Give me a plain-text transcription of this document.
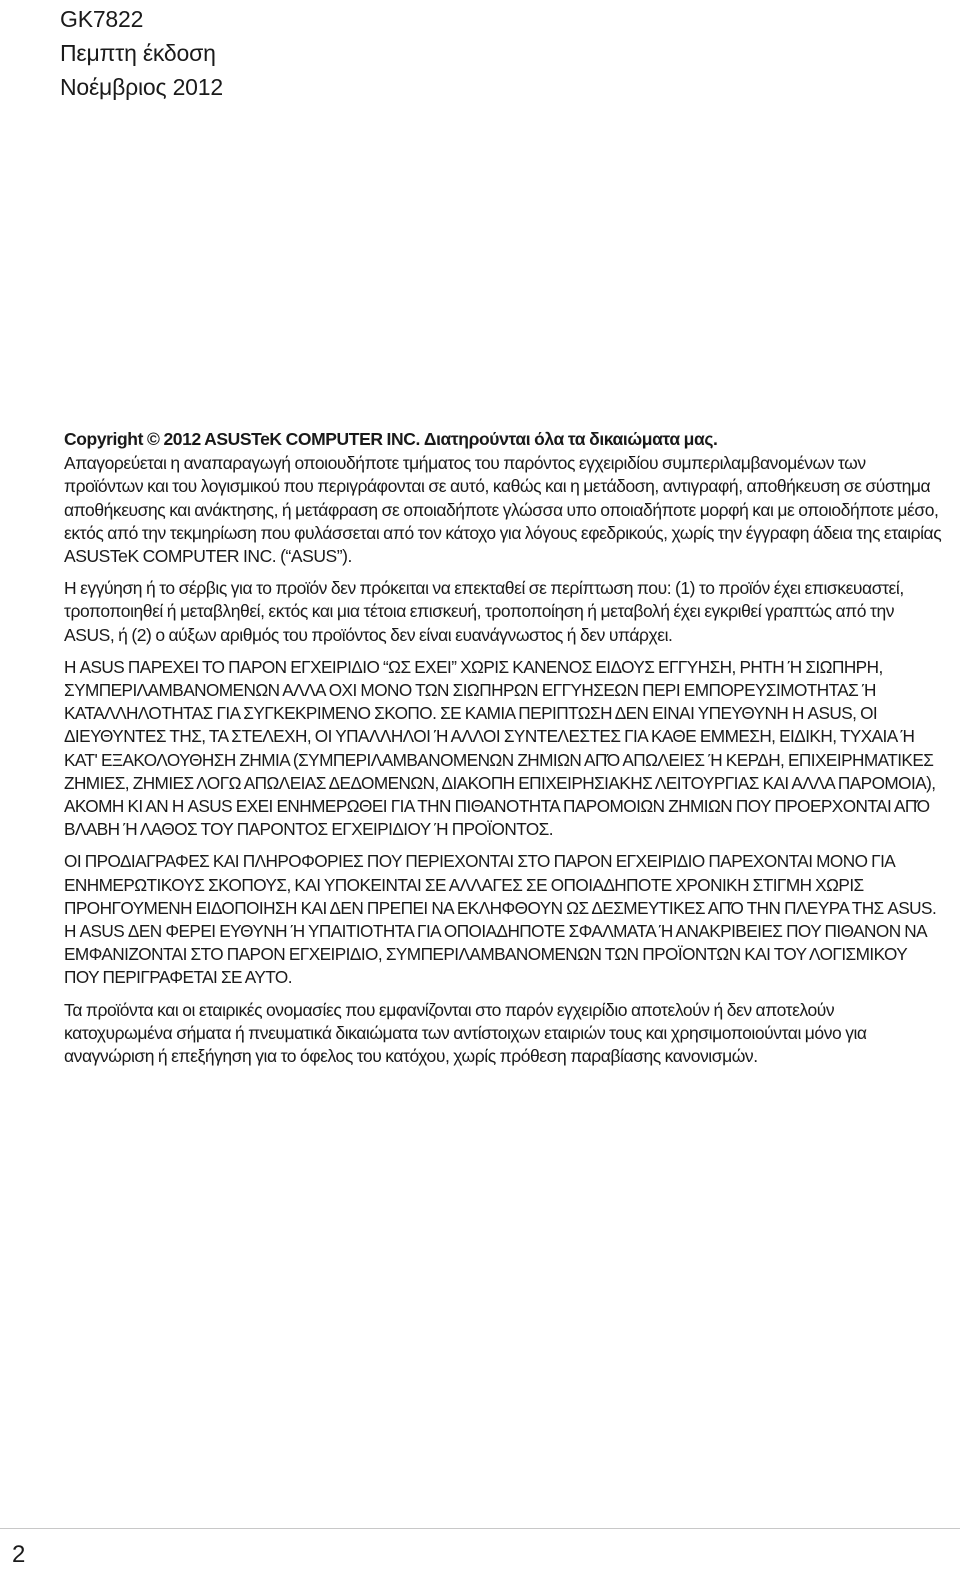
GK7822
Πεμπτη έκδοση
Νοέμβριος 2012
Copyright © 2012 ASUSTeK COMPUTER INC. Διατηρούνται όλα τα δικαιώματα μας.

Απαγορεύεται η αναπαραγωγή οποιουδήποτε τμήματος του παρόντος εγχειριδίου συμπεριλαμβανομένων των προϊόντων και του λογισμικού που περιγράφονται σε αυτό, καθώς και η μετάδοση, αντιγραφή, αποθήκευση σε σύστημα αποθήκευσης και ανάκτησης, ή μετάφραση σε οποιαδήποτε γλώσσα υπο οποιαδήποτε μορφή και με οποιοδήποτε μέσο, εκτός από την τεκμηρίωση που φυλάσσεται από τον κάτοχο για λόγους εφεδρικούς, χωρίς την έγγραφη άδεια της εταιρίας ASUSTeK COMPUTER INC. (“ASUS”).

Η εγγύηση ή το σέρβις για το προϊόν δεν πρόκειται να επεκταθεί σε περίπτωση που: (1) το προϊόν έχει επισκευαστεί, τροποποιηθεί ή μεταβληθεί, εκτός και μια τέτοια επισκευή, τροποποίηση ή μεταβολή έχει εγκριθεί γραπτώς από την ASUS, ή (2) ο αύξων αριθμός του προϊόντος δεν είναι ευανάγνωστος ή δεν υπάρχει.

Η ASUS ΠΑΡΕΧΕΙ ΤΟ ΠΑΡΟΝ ΕΓΧΕΙΡΙΔΙΟ “ΩΣ ΕΧΕΙ” ΧΩΡΙΣ ΚΑΝΕΝΟΣ ΕΙΔΟΥΣ ΕΓΓΥΗΣΗ, ΡΗΤΗ Ή ΣΙΩΠΗΡΗ, ΣΥΜΠΕΡΙΛΑΜΒΑΝΟΜΕΝΩΝ ΑΛΛΑ ΟΧΙ ΜΟΝΟ ΤΩΝ ΣΙΩΠΗΡΩΝ ΕΓΓΥΗΣΕΩΝ ΠΕΡΙ ΕΜΠΟΡΕΥΣΙΜΟΤΗΤΑΣ Ή ΚΑΤΑΛΛΗΛΟΤΗΤΑΣ ΓΙΑ ΣΥΓΚΕΚΡΙΜΕΝΟ ΣΚΟΠΟ. ΣΕ ΚΑΜΙΑ ΠΕΡΙΠΤΩΣΗ ΔΕΝ ΕΙΝΑΙ ΥΠΕΥΘΥΝΗ Η ASUS, ΟΙ ΔΙΕΥΘΥΝΤΕΣ ΤΗΣ, ΤΑ ΣΤΕΛΕΧΗ, ΟΙ ΥΠΑΛΛΗΛΟΙ Ή ΑΛΛΟΙ ΣΥΝΤΕΛΕΣΤΕΣ ΓΙΑ ΚΑΘΕ ΕΜΜΕΣΗ, ΕΙΔΙΚΗ, ΤΥΧΑΙΑ Ή ΚΑΤ' ΕΞΑΚΟΛΟΥΘΗΣΗ ΖΗΜΙΑ (ΣΥΜΠΕΡΙΛΑΜΒΑΝΟΜΕΝΩΝ ΖΗΜΙΩΝ ΑΠΌ ΑΠΩΛΕΙΕΣ Ή ΚΕΡΔΗ, ΕΠΙΧΕΙΡΗΜΑΤΙΚΕΣ ΖΗΜΙΕΣ, ΖΗΜΙΕΣ ΛΟΓΩ ΑΠΩΛΕΙΑΣ ΔΕΔΟΜΕΝΩΝ, ΔΙΑΚΟΠΗ ΕΠΙΧΕΙΡΗΣΙΑΚΗΣ ΛΕΙΤΟΥΡΓΙΑΣ ΚΑΙ ΑΛΛΑ ΠΑΡΟΜΟΙΑ), ΑΚΟΜΗ ΚΙ ΑΝ Η ASUS ΕΧΕΙ ΕΝΗΜΕΡΩΘΕΙ ΓΙΑ ΤΗΝ ΠΙΘΑΝΟΤΗΤΑ ΠΑΡΟΜΟΙΩΝ ΖΗΜΙΩΝ ΠΟΥ ΠΡΟΕΡΧΟΝΤΑΙ ΑΠΌ ΒΛΑΒΗ Ή ΛΑΘΟΣ ΤΟΥ ΠΑΡΟΝΤΟΣ ΕΓΧΕΙΡΙΔΙΟΥ Ή ΠΡΟΪΟΝΤΟΣ.

ΟΙ ΠΡΟΔΙΑΓΡΑΦΕΣ ΚΑΙ ΠΛΗΡΟΦΟΡΙΕΣ ΠΟΥ ΠΕΡΙΕΧΟΝΤΑΙ ΣΤΟ ΠΑΡΟΝ ΕΓΧΕΙΡΙΔΙΟ ΠΑΡΕΧΟΝΤΑΙ ΜΟΝΟ ΓΙΑ ΕΝΗΜΕΡΩΤΙΚΟΥΣ ΣΚΟΠΟΥΣ, ΚΑΙ ΥΠΟΚΕΙΝΤΑΙ ΣΕ ΑΛΛΑΓΕΣ ΣΕ ΟΠΟΙΑΔΗΠΟΤΕ ΧΡΟΝΙΚΗ ΣΤΙΓΜΗ ΧΩΡΙΣ ΠΡΟΗΓΟΥΜΕΝΗ ΕΙΔΟΠΟΙΗΣΗ ΚΑΙ ΔΕΝ ΠΡΕΠΕΙ ΝΑ ΕΚΛΗΦΘΟΥΝ ΩΣ ΔΕΣΜΕΥΤΙΚΕΣ ΑΠΌ ΤΗΝ ΠΛΕΥΡΑ ΤΗΣ ASUS. Η ASUS ΔΕΝ ΦΕΡΕΙ ΕΥΘΥΝΗ Ή ΥΠΑΙΤΙΟΤΗΤΑ ΓΙΑ ΟΠΟΙΑΔΗΠΟΤΕ ΣΦΑΛΜΑΤΑ Ή ΑΝΑΚΡΙΒΕΙΕΣ ΠΟΥ ΠΙΘΑΝΟΝ ΝΑ ΕΜΦΑΝΙΖΟΝΤΑΙ ΣΤΟ ΠΑΡΟΝ ΕΓΧΕΙΡΙΔΙΟ, ΣΥΜΠΕΡΙΛΑΜΒΑΝΟΜΕΝΩΝ ΤΩΝ ΠΡΟΪΟΝΤΩΝ ΚΑΙ ΤΟΥ ΛΟΓΙΣΜΙΚΟΥ ΠΟΥ ΠΕΡΙΓΡΑΦΕΤΑΙ ΣΕ ΑΥΤΟ.

Τα προϊόντα και οι εταιρικές ονομασίες που εμφανίζονται στο παρόν εγχειρίδιο αποτελούν ή δεν αποτελούν κατοχυρωμένα σήματα ή πνευματικά δικαιώματα των αντίστοιχων εταιριών τους και χρησιμοποιούνται μόνο για αναγνώριση ή επεξήγηση για το όφελος του κατόχου, χωρίς πρόθεση παραβίασης κανονισμών.

2
